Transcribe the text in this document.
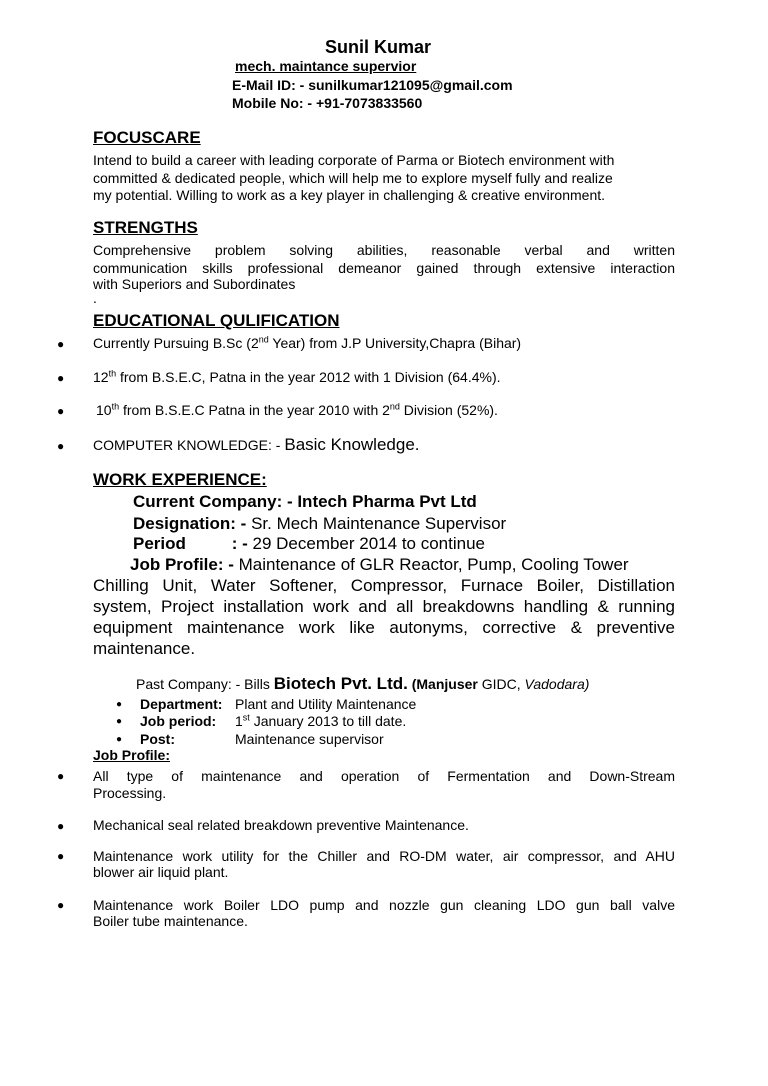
Sunil Kumar
mech. maintance supervior
E-Mail ID: - sunilkumar121095@gmail.com
Mobile No: - +91-7073833560
FOCUSCARE
Intend to build a career with leading corporate of Parma or Biotech environment with
committed & dedicated people, which will help me to explore myself fully and realize
my potential. Willing to work as a key player in challenging & creative environment.
STRENGTHS
Comprehensive problem solving abilities, reasonable verbal and written
communication skills professional demeanor gained through extensive interaction
with Superiors and Subordinates
.
EDUCATIONAL QULIFICATION
● Currently Pursuing B.Sc (2nd Year) from J.P University,Chapra (Bihar)
● 12th from B.S.E.C, Patna in the year 2012 with 1 Division (64.4%).
● 10th from B.S.E.C Patna in the year 2010 with 2nd Division (52%).
● COMPUTER KNOWLEDGE: - Basic Knowledge.
WORK EXPERIENCE:
Current Company: - Intech Pharma Pvt Ltd
Designation: - Sr. Mech Maintenance Supervisor
Period : - 29 December 2014 to continue
Job Profile: - Maintenance of GLR Reactor, Pump, Cooling Tower
Chilling Unit, Water Softener, Compressor, Furnace Boiler, Distillation
system, Project installation work and all breakdowns handling & running
equipment maintenance work like autonyms, corrective & preventive
maintenance.
Past Company: - Bills Biotech Pvt. Ltd. (Manjuser GIDC, Vadodara)
● Department: Plant and Utility Maintenance
● Job period: 1st January 2013 to till date.
● Post:	Maintenance supervisor
Job Profile:
● All type of maintenance and operation of Fermentation and Down-Stream
Processing.
● Mechanical seal related breakdown preventive Maintenance.
● Maintenance work utility for the Chiller and RO-DM water, air compressor, and AHU
blower air liquid plant.
● Maintenance work Boiler LDO pump and nozzle gun cleaning LDO gun ball valve
Boiler tube maintenance.
